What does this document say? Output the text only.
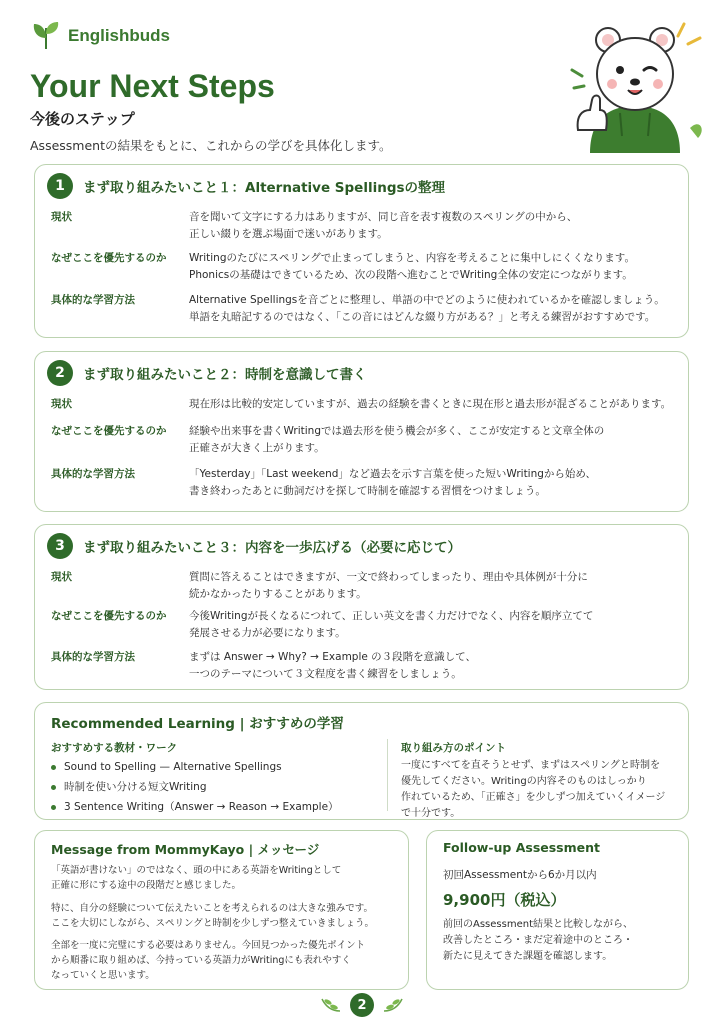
Englishbuds
Your Next Steps
今後のステップ
Assessmentの結果をもとに、これからの学びを具体化します。
1	まず取り組みたいこと１：Alternative Spellingsの整理
現状	音を聞いて文字にする力はありますが、同じ音を表す複数のスペリングの中から、
正しい綴りを選ぶ場面で迷いがあります。
なぜここを優先するのか	Writingのたびにスペリングで止まってしまうと、内容を考えることに集中しにくくなります。
Phonicsの基礎はできているため、次の段階へ進むことでWriting全体の安定につながります。
具体的な学習方法	Alternative Spellingsを音ごとに整理し、単語の中でどのように使われているかを確認しましょう。
単語を丸暗記するのではなく、「この音にはどんな綴り方がある？」と考える練習がおすすめです。
2	まず取り組みたいこと２：時制を意識して書く
現状	現在形は比較的安定していますが、過去の経験を書くときに現在形と過去形が混ざることがあります。
なぜここを優先するのか	経験や出来事を書くWritingでは過去形を使う機会が多く、ここが安定すると文章全体の
正確さが大きく上がります。
具体的な学習方法	「Yesterday」「Last weekend」など過去を示す言葉を使った短いWritingから始め、
書き終わったあとに動詞だけを探して時制を確認する習慣をつけましょう。
3	まず取り組みたいこと３：内容を一歩広げる（必要に応じて）
現状	質問に答えることはできますが、一文で終わってしまったり、理由や具体例が十分に
続かなかったりすることがあります。
なぜここを優先するのか	今後Writingが長くなるにつれて、正しい英文を書く力だけでなく、内容を順序立てて
発展させる力が必要になります。
具体的な学習方法	まずは Answer → Why? → Example の３段階を意識して、
一つのテーマについて３文程度を書く練習をしましょう。
Recommended Learning | おすすめの学習
おすすめする教材・ワーク
Sound to Spelling — Alternative Spellings
時制を使い分ける短文Writing
3 Sentence Writing（Answer → Reason → Example）
取り組み方のポイント
一度にすべてを直そうとせず、まずはスペリングと時制を
優先してください。Writingの内容そのものはしっかり
作れているため、「正確さ」を少しずつ加えていくイメージ
で十分です。
Message from MommyKayo | メッセージ
「英語が書けない」のではなく、頭の中にある英語をWritingとして
正確に形にする途中の段階だと感じました。
特に、自分の経験について伝えたいことを考えられるのは大きな強みです。
ここを大切にしながら、スペリングと時制を少しずつ整えていきましょう。
全部を一度に完璧にする必要はありません。今回見つかった優先ポイント
から順番に取り組めば、今持っている英語力がWritingにも表れやすく
なっていくと思います。
Follow-up Assessment
初回Assessmentから6か月以内
9,900円（税込）
前回のAssessment結果と比較しながら、
改善したところ・まだ定着途中のところ・
新たに見えてきた課題を確認します。
2
